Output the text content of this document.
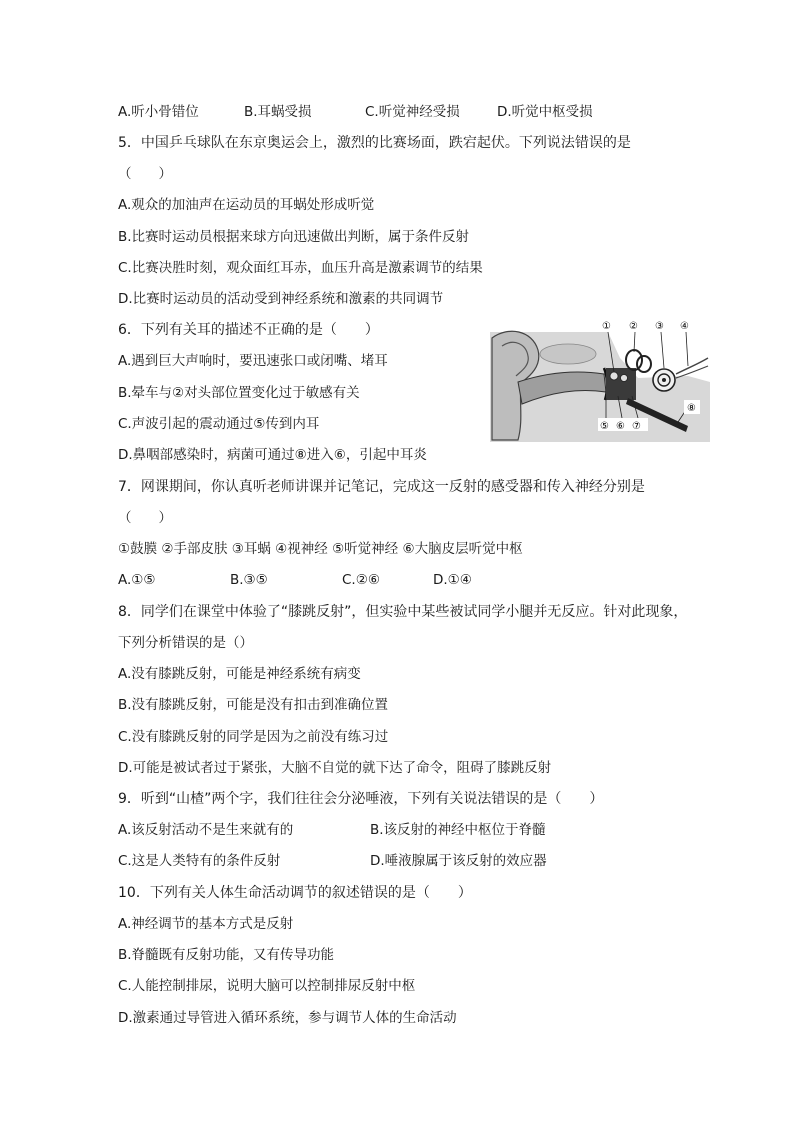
A.听小骨错位	B.耳蜗受损	C.听觉神经受损	D.听觉中枢受损
5．中国乒乓球队在东京奥运会上，激烈的比赛场面，跌宕起伏。下列说法错误的是
（　　）
A.观众的加油声在运动员的耳蜗处形成听觉
B.比赛时运动员根据来球方向迅速做出判断，属于条件反射
C.比赛决胜时刻，观众面红耳赤，血压升高是激素调节的结果
D.比赛时运动员的活动受到神经系统和激素的共同调节
6．下列有关耳的描述不正确的是（　　）
A.遇到巨大声响时，要迅速张口或闭嘴、堵耳
B.晕车与②对头部位置变化过于敏感有关
C.声波引起的震动通过⑤传到内耳
D.鼻咽部感染时，病菌可通过⑧进入⑥，引起中耳炎
① ② ③ ④
⑤ ⑥ ⑦
⑧
7．网课期间，你认真听老师讲课并记笔记，完成这一反射的感受器和传入神经分别是
（　　）
①鼓膜 ②手部皮肤 ③耳蜗 ④视神经 ⑤听觉神经 ⑥大脑皮层听觉中枢
A.①⑤	B.③⑤	C.②⑥	D.①④
8．同学们在课堂中体验了“膝跳反射”，但实验中某些被试同学小腿并无反应。针对此现象，
下列分析错误的是（）
A.没有膝跳反射，可能是神经系统有病变
B.没有膝跳反射，可能是没有扣击到准确位置
C.没有膝跳反射的同学是因为之前没有练习过
D.可能是被试者过于紧张，大脑不自觉的就下达了命令，阻碍了膝跳反射
9．听到“山楂”两个字，我们往往会分泌唾液，下列有关说法错误的是（　　）
A.该反射活动不是生来就有的	B.该反射的神经中枢位于脊髓
C.这是人类特有的条件反射	D.唾液腺属于该反射的效应器
10．下列有关人体生命活动调节的叙述错误的是（　　）
A.神经调节的基本方式是反射
B.脊髓既有反射功能，又有传导功能
C.人能控制排尿，说明大脑可以控制排尿反射中枢
D.激素通过导管进入循环系统，参与调节人体的生命活动
